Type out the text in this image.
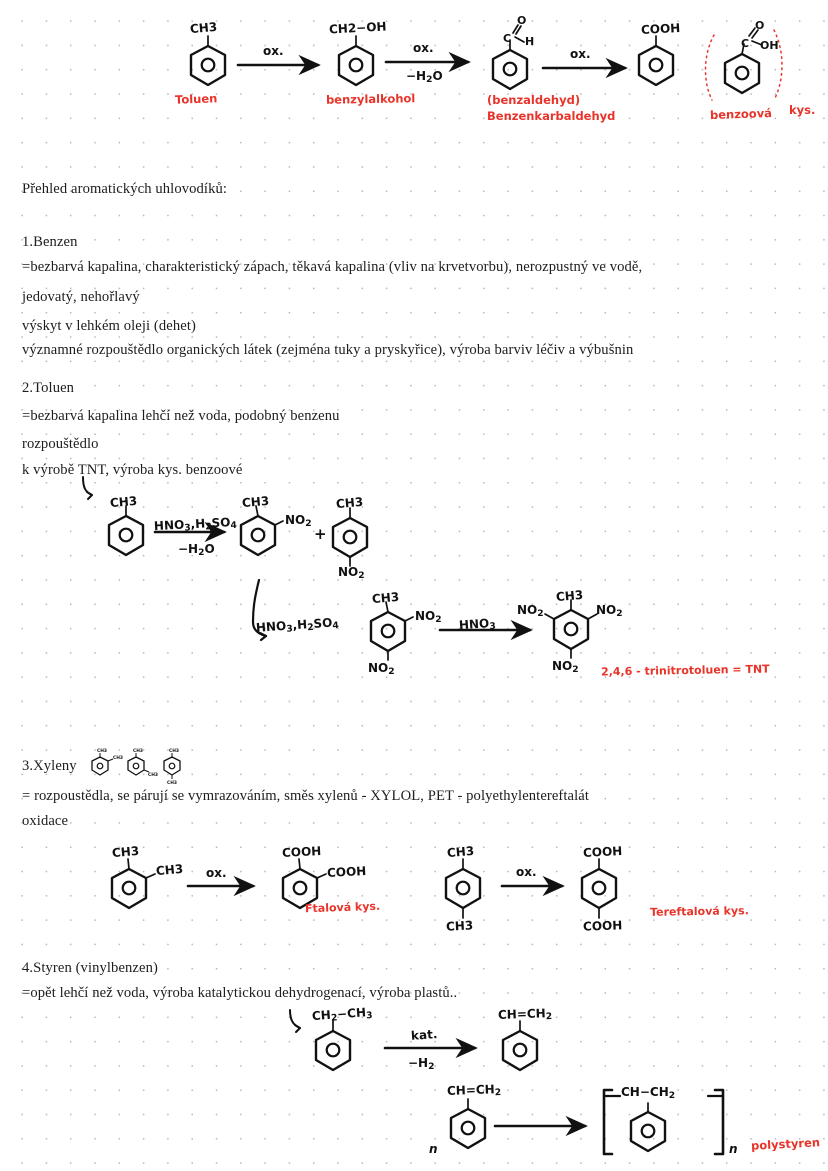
CH3	CH2−OH
C
O
H
COOH
C
O
OH
ox.	ox.
$-H_2O$
ox.
Toluen	benzylalkohol	(benzaldehyd)
Benzenkarbaldehyd	benzoová kys.
Přehled aromatických uhlovodíků:
1.Benzen
=bezbarvá kapalina, charakteristický zápach, těkavá kapalina (vliv na krvetvorbu), nerozpustný ve vodě,
jedovatý, nehořlavý
výskyt v lehkém oleji (dehet)
významné rozpouštědlo organických látek (zejména tuky a pryskyřice), výroba barviv léčiv a výbušnin
2.Toluen
=bezbarvá kapalina lehčí než voda, podobný benzenu
rozpouštědlo
k výrobě TNT, výroba kys. benzoové
CH3
$HNO_3,H_2SO_4$
$-H_2O$
CH3
$NO_2$
+
CH3
$NO_2$
$HNO_3,H_2SO_4$
CH3
$NO_2$
$NO_2$
$HNO_3$
CH3
$NO_2$	$NO_2$
$NO_2$ 2,4,6 - trinitrotoluen = TNT
3.Xyleny
CH3
CH3
CH3
CH3
CH3
CH3
= rozpoustědla, se párují se vymrazováním, směs xylenů - XYLOL, PET - polyethylentereftalát
oxidace
CH3
CH3 ox.
COOH
COOH
Ftalová kys.
CH3
CH3
ox.
COOH
COOH
Tereftalová kys.
4.Styren (vinylbenzen)
=opět lehčí než voda, výroba katalytickou dehydrogenací, výroba plastů..
$CH_2-CH_3$
kat.
$-H_2$
$CH=CH_2$
n
$CH=CH_2$	$CH-CH_2$
n polystyren
